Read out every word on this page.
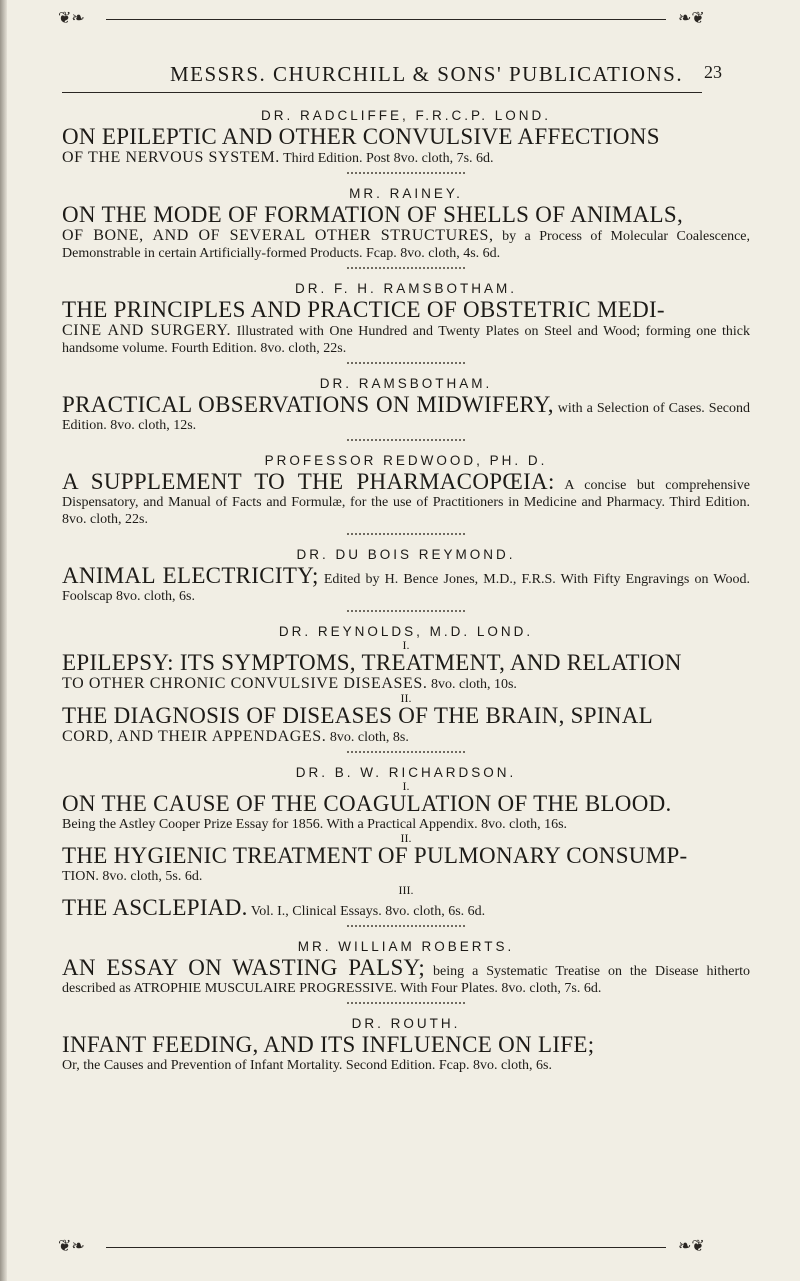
❦❧	❧❦
MESSRS. CHURCHILL & SONS' PUBLICATIONS. 23
DR. RADCLIFFE, F.R.C.P. LOND.
ON EPILEPTIC AND OTHER CONVULSIVE AFFECTIONS
OF THE NERVOUS SYSTEM. Third Edition. Post 8vo. cloth, 7s. 6d.
MR. RAINEY.
ON THE MODE OF FORMATION OF SHELLS OF ANIMALS,
OF BONE, AND OF SEVERAL OTHER STRUCTURES, by a Process of Molecular Coalescence, Demonstrable in certain Artificially-formed Products. Fcap. 8vo. cloth, 4s. 6d.
DR. F. H. RAMSBOTHAM.
THE PRINCIPLES AND PRACTICE OF OBSTETRIC MEDI-
CINE AND SURGERY. Illustrated with One Hundred and Twenty Plates on Steel and Wood; forming one thick handsome volume. Fourth Edition. 8vo. cloth, 22s.
DR. RAMSBOTHAM.
PRACTICAL OBSERVATIONS ON MIDWIFERY, with a Selection of Cases. Second Edition. 8vo. cloth, 12s.
PROFESSOR REDWOOD, PH. D.
A SUPPLEMENT TO THE PHARMACOPŒIA: A concise but comprehensive Dispensatory, and Manual of Facts and Formulæ, for the use of Practitioners in Medicine and Pharmacy. Third Edition. 8vo. cloth, 22s.
DR. DU BOIS REYMOND.
ANIMAL ELECTRICITY; Edited by H. Bence Jones, M.D., F.R.S. With Fifty Engravings on Wood. Foolscap 8vo. cloth, 6s.
DR. REYNOLDS, M.D. LOND.
I.
EPILEPSY: ITS SYMPTOMS, TREATMENT, AND RELATION
TO OTHER CHRONIC CONVULSIVE DISEASES. 8vo. cloth, 10s.
II.
THE DIAGNOSIS OF DISEASES OF THE BRAIN, SPINAL
CORD, AND THEIR APPENDAGES. 8vo. cloth, 8s.
DR. B. W. RICHARDSON.
I.
ON THE CAUSE OF THE COAGULATION OF THE BLOOD.
Being the Astley Cooper Prize Essay for 1856. With a Practical Appendix. 8vo. cloth, 16s.
II.
THE HYGIENIC TREATMENT OF PULMONARY CONSUMP-
TION. 8vo. cloth, 5s. 6d.
III.
THE ASCLEPIAD. Vol. I., Clinical Essays. 8vo. cloth, 6s. 6d.
MR. WILLIAM ROBERTS.
AN ESSAY ON WASTING PALSY; being a Systematic Treatise on the Disease hitherto described as ATROPHIE MUSCULAIRE PROGRESSIVE. With Four Plates. 8vo. cloth, 7s. 6d.
DR. ROUTH.
INFANT FEEDING, AND ITS INFLUENCE ON LIFE;
Or, the Causes and Prevention of Infant Mortality. Second Edition. Fcap. 8vo. cloth, 6s.
❦❧	❧❦
